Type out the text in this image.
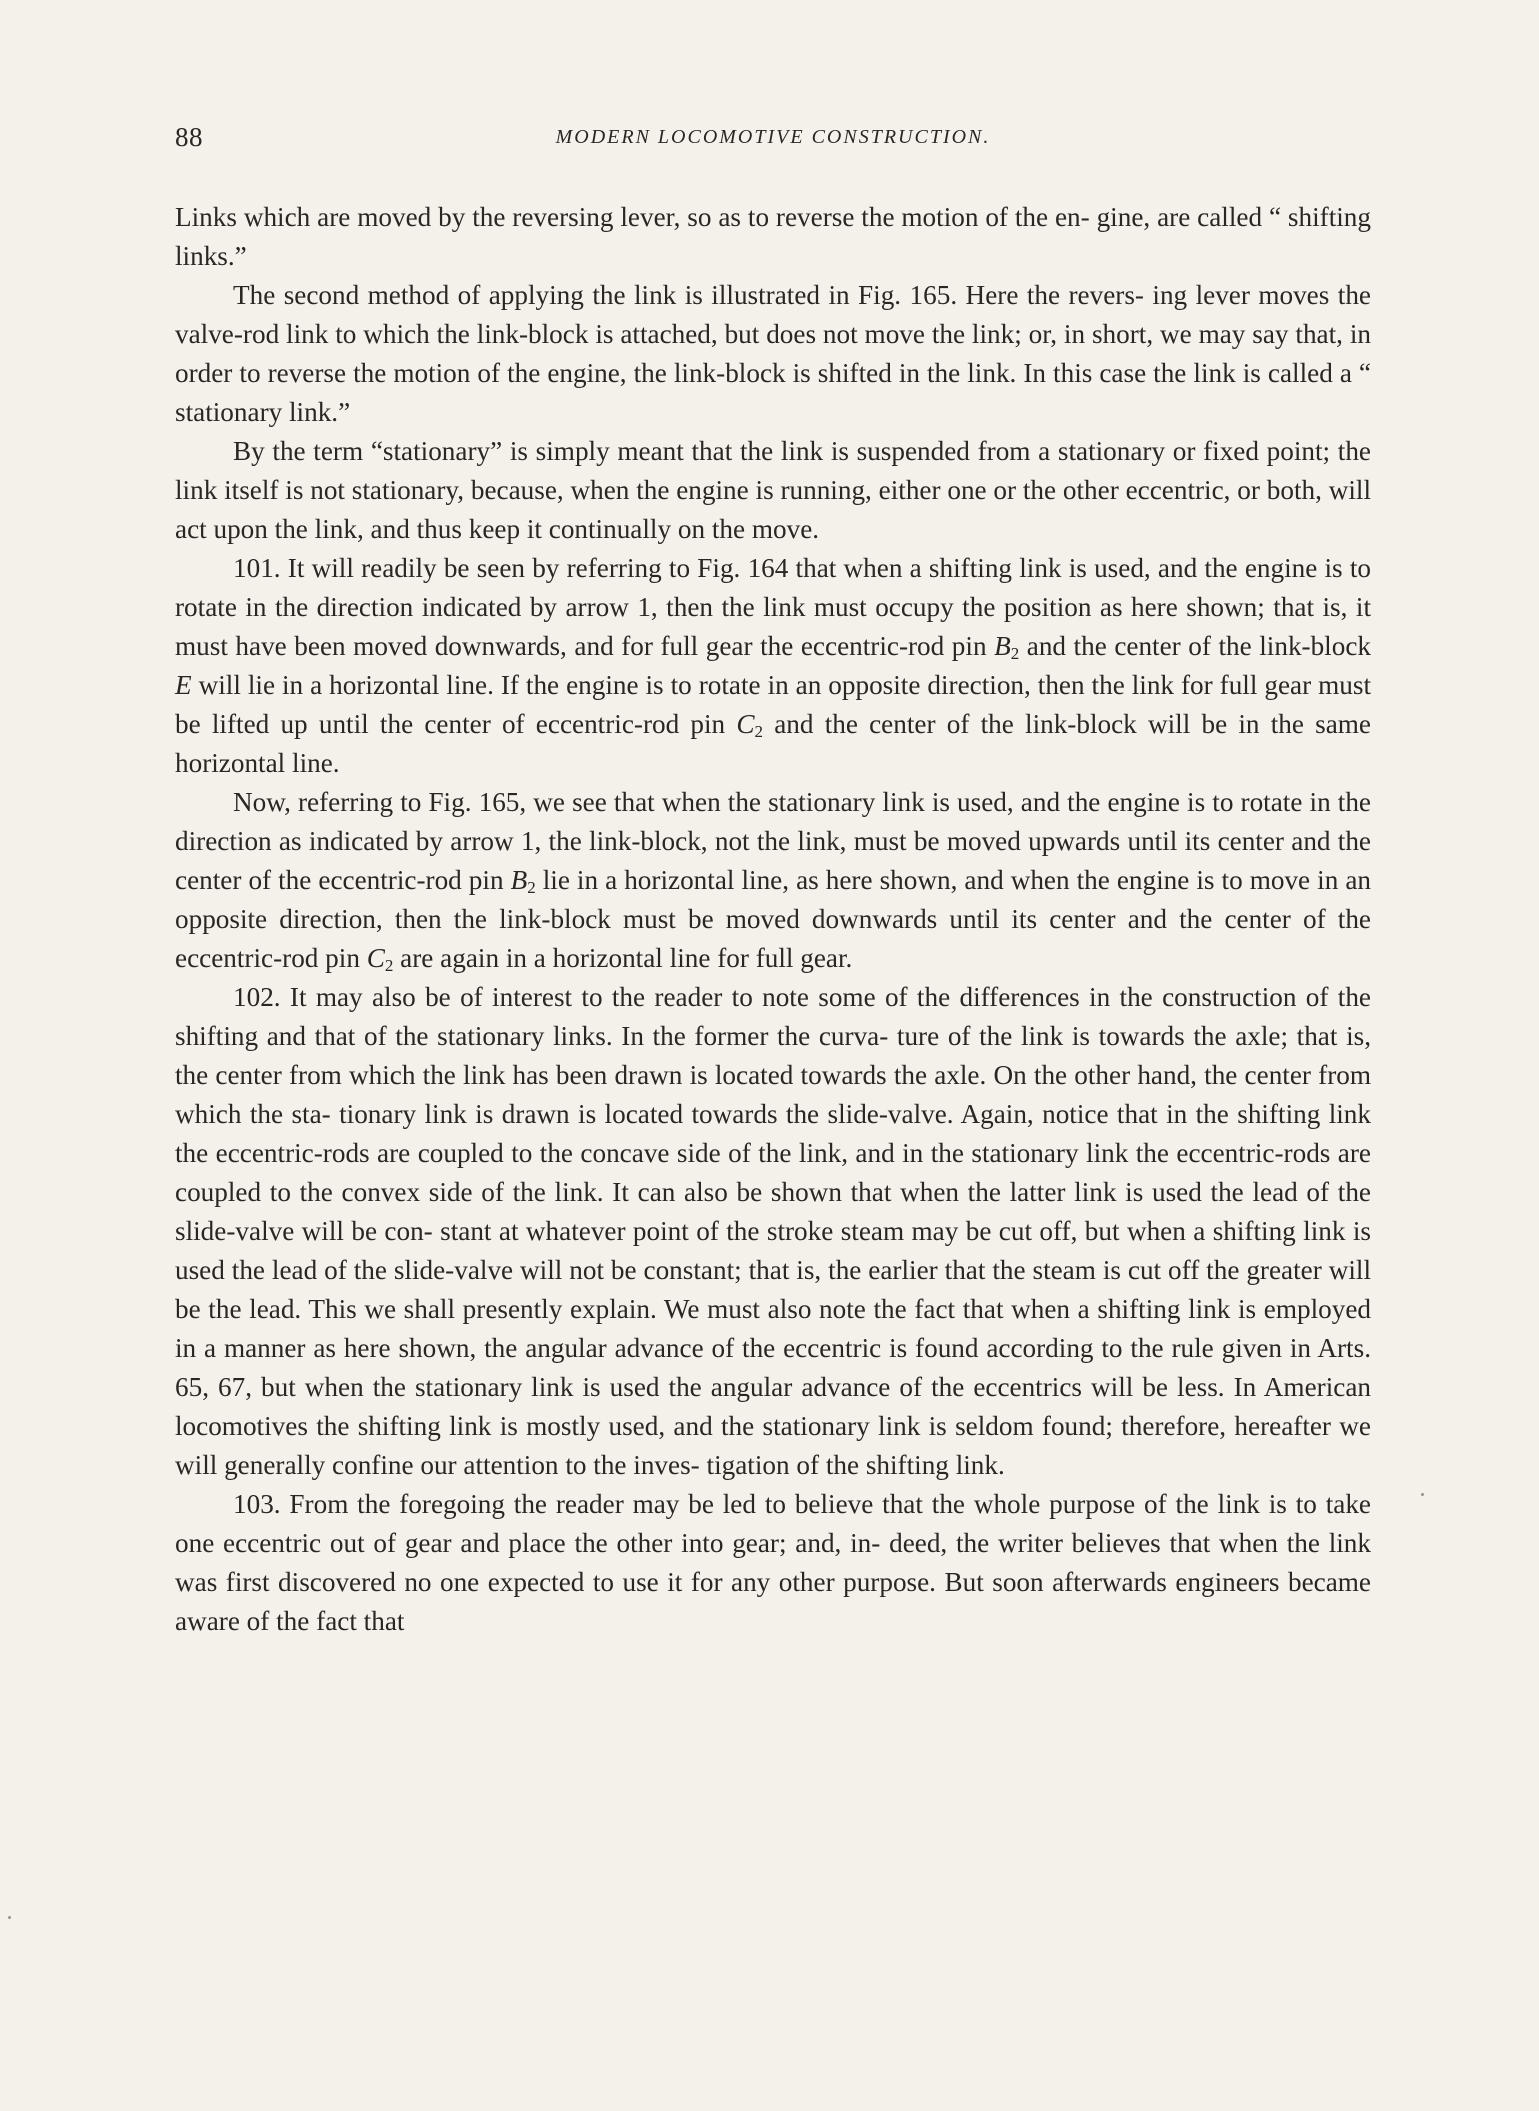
88	MODERN LOCOMOTIVE CONSTRUCTION.

Links which are moved by the reversing lever, so as to reverse the motion of the en- gine, are called “ shifting links.”

The second method of applying the link is illustrated in Fig. 165. Here the revers- ing lever moves the valve-rod link to which the link-block is attached, but does not move the link; or, in short, we may say that, in order to reverse the motion of the engine, the link-block is shifted in the link. In this case the link is called a “ stationary link.”

By the term “stationary” is simply meant that the link is suspended from a stationary or fixed point; the link itself is not stationary, because, when the engine is running, either one or the other eccentric, or both, will act upon the link, and thus keep it continually on the move.

101. It will readily be seen by referring to Fig. 164 that when a shifting link is used, and the engine is to rotate in the direction indicated by arrow 1, then the link must occupy the position as here shown; that is, it must have been moved downwards, and for full gear the eccentric-rod pin $B_2$ and the center of the link-block E will lie in a horizontal line. If the engine is to rotate in an opposite direction, then the link for full gear must be lifted up until the center of eccentric-rod pin $C_2$ and the center of the link-block will be in the same horizontal line.

Now, referring to Fig. 165, we see that when the stationary link is used, and the engine is to rotate in the direction as indicated by arrow 1, the link-block, not the link, must be moved upwards until its center and the center of the eccentric-rod pin $B_2$ lie in a horizontal line, as here shown, and when the engine is to move in an opposite direction, then the link-block must be moved downwards until its center and the center of the eccentric-rod pin $C_2$ are again in a horizontal line for full gear.

102. It may also be of interest to the reader to note some of the differences in the construction of the shifting and that of the stationary links. In the former the curva- ture of the link is towards the axle; that is, the center from which the link has been drawn is located towards the axle. On the other hand, the center from which the sta- tionary link is drawn is located towards the slide-valve. Again, notice that in the shifting link the eccentric-rods are coupled to the concave side of the link, and in the stationary link the eccentric-rods are coupled to the convex side of the link. It can also be shown that when the latter link is used the lead of the slide-valve will be con- stant at whatever point of the stroke steam may be cut off, but when a shifting link is used the lead of the slide-valve will not be constant; that is, the earlier that the steam is cut off the greater will be the lead. This we shall presently explain. We must also note the fact that when a shifting link is employed in a manner as here shown, the angular advance of the eccentric is found according to the rule given in Arts. 65, 67, but when the stationary link is used the angular advance of the eccentrics will be less. In American locomotives the shifting link is mostly used, and the stationary link is seldom found; therefore, hereafter we will generally confine our attention to the inves- tigation of the shifting link.

103. From the foregoing the reader may be led to believe that the whole purpose of the link is to take one eccentric out of gear and place the other into gear; and, in- deed, the writer believes that when the link was first discovered no one expected to use it for any other purpose. But soon afterwards engineers became aware of the fact that
